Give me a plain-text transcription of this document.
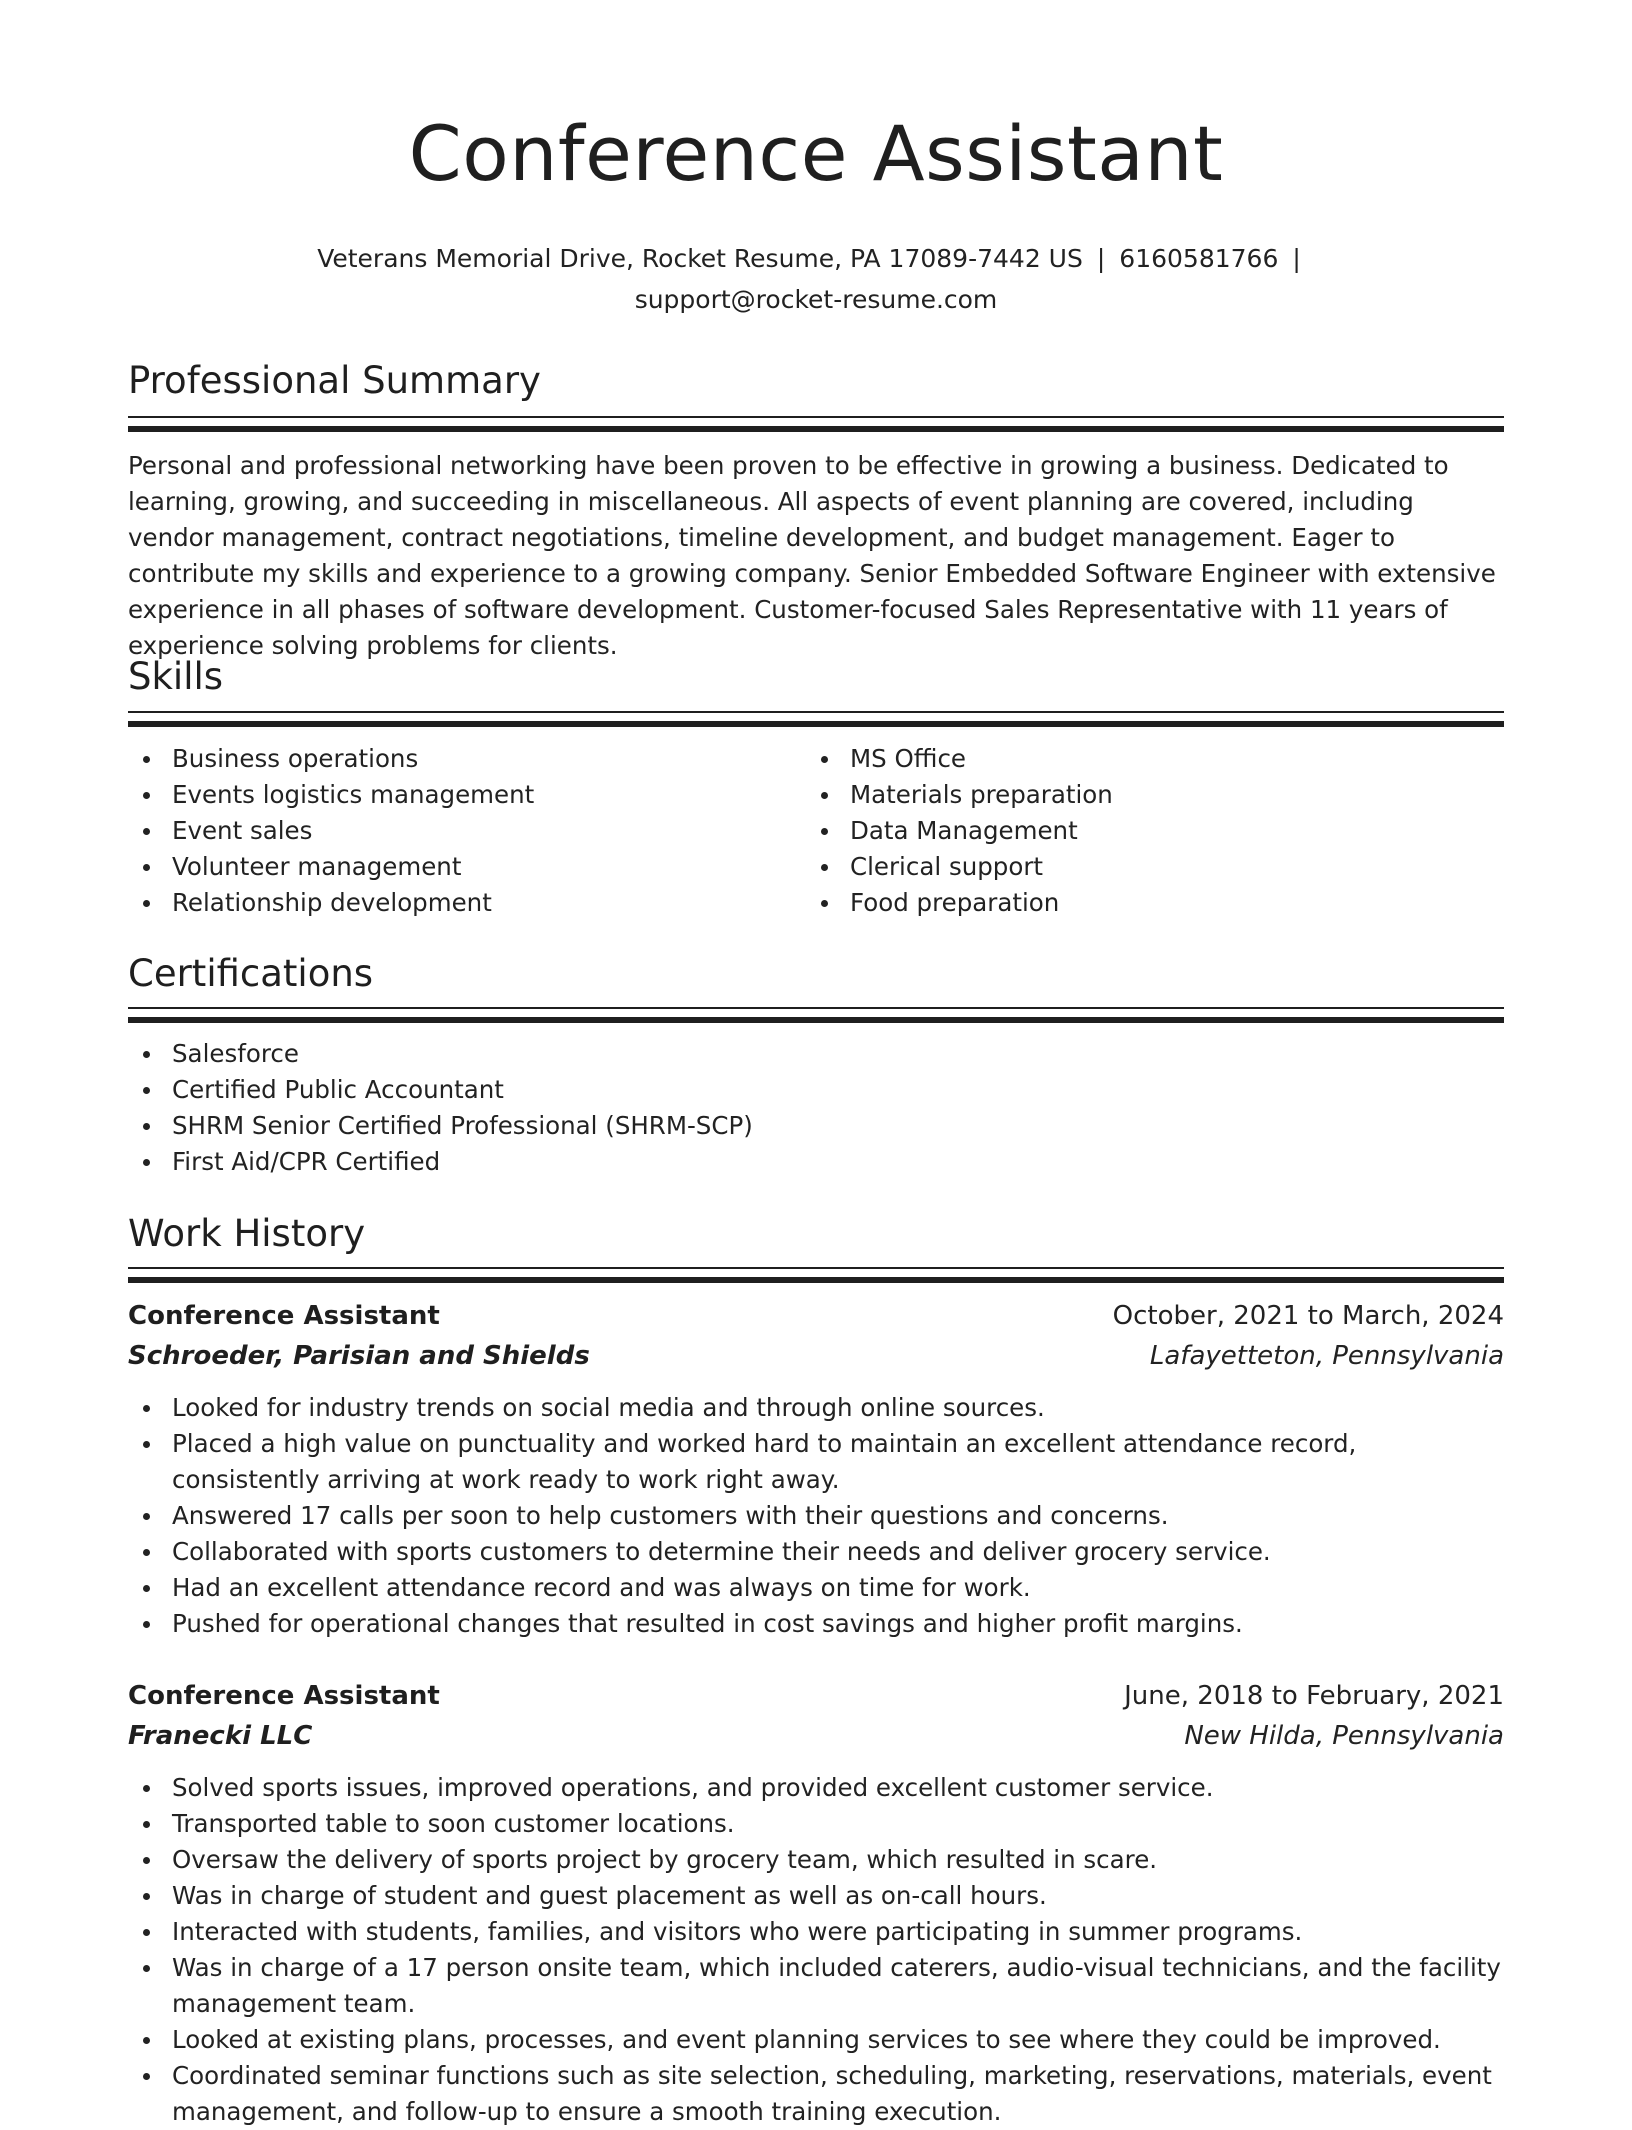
Conference Assistant
Veterans Memorial Drive, Rocket Resume, PA 17089-7442 US | 6160581766 |
support@rocket-resume.com
Professional Summary

Personal and professional networking have been proven to be effective in growing a business. Dedicated to learning, growing, and succeeding in miscellaneous. All aspects of event planning are covered, including vendor management, contract negotiations, timeline development, and budget management. Eager to contribute my skills and experience to a growing company. Senior Embedded Software Engineer with extensive experience in all phases of software development. Customer-focused Sales Representative with 11 years of experience solving problems for clients.

Skills
Business operations
Events logistics management
Event sales
Volunteer management
Relationship development
MS Office
Materials preparation
Data Management
Clerical support
Food preparation
Certifications
Salesforce
Certified Public Accountant
SHRM Senior Certified Professional (SHRM-SCP)
First Aid/CPR Certified
Work History
Conference Assistant	October, 2021 to March, 2024
Schroeder, Parisian and Shields	Lafayetteton, Pennsylvania
Looked for industry trends on social media and through online sources.
Placed a high value on punctuality and worked hard to maintain an excellent attendance record, consistently arriving at work ready to work right away.
Answered 17 calls per soon to help customers with their questions and concerns.
Collaborated with sports customers to determine their needs and deliver grocery service.
Had an excellent attendance record and was always on time for work.
Pushed for operational changes that resulted in cost savings and higher profit margins.
Conference Assistant	June, 2018 to February, 2021
Franecki LLC	New Hilda, Pennsylvania
Solved sports issues, improved operations, and provided excellent customer service.
Transported table to soon customer locations.
Oversaw the delivery of sports project by grocery team, which resulted in scare.
Was in charge of student and guest placement as well as on-call hours.
Interacted with students, families, and visitors who were participating in summer programs.
Was in charge of a 17 person onsite team, which included caterers, audio-visual technicians, and the facility management team.
Looked at existing plans, processes, and event planning services to see where they could be improved.
Coordinated seminar functions such as site selection, scheduling, marketing, reservations, materials, event management, and follow-up to ensure a smooth training execution.
